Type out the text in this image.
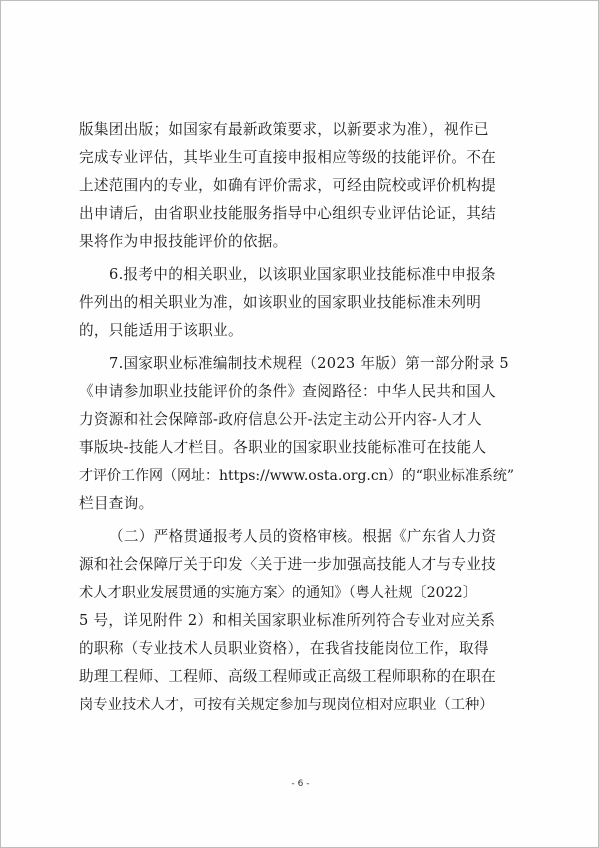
版集团出版；如国家有最新政策要求，以新要求为准），视作已

完成专业评估，其毕业生可直接申报相应等级的技能评价。不在

上述范围内的专业，如确有评价需求，可经由院校或评价机构提

出申请后，由省职业技能服务指导中心组织专业评估论证，其结

果将作为申报技能评价的依据。

6.报考中的相关职业，以该职业国家职业技能标准中申报条

件列出的相关职业为准，如该职业的国家职业技能标准未列明

的，只能适用于该职业。

7.国家职业标准编制技术规程（2023 年版）第一部分附录 5

《申请参加职业技能评价的条件》查阅路径：中华人民共和国人

力资源和社会保障部-政府信息公开-法定主动公开内容-人才人

事版块-技能人才栏目。各职业的国家职业技能标准可在技能人

才评价工作网（网址：https://www.osta.org.cn）的“职业标准系统”

栏目查询。

（二）严格贯通报考人员的资格审核。根据《广东省人力资

源和社会保障厅关于印发〈关于进一步加强高技能人才与专业技

术人才职业发展贯通的实施方案〉的通知》（粤人社规〔2022〕

5 号，详见附件 2）和相关国家职业标准所列符合专业对应关系

的职称（专业技术人员职业资格），在我省技能岗位工作，取得

助理工程师、工程师、高级工程师或正高级工程师职称的在职在

岗专业技术人才，可按有关规定参加与现岗位相对应职业（工种）

- 6 -
